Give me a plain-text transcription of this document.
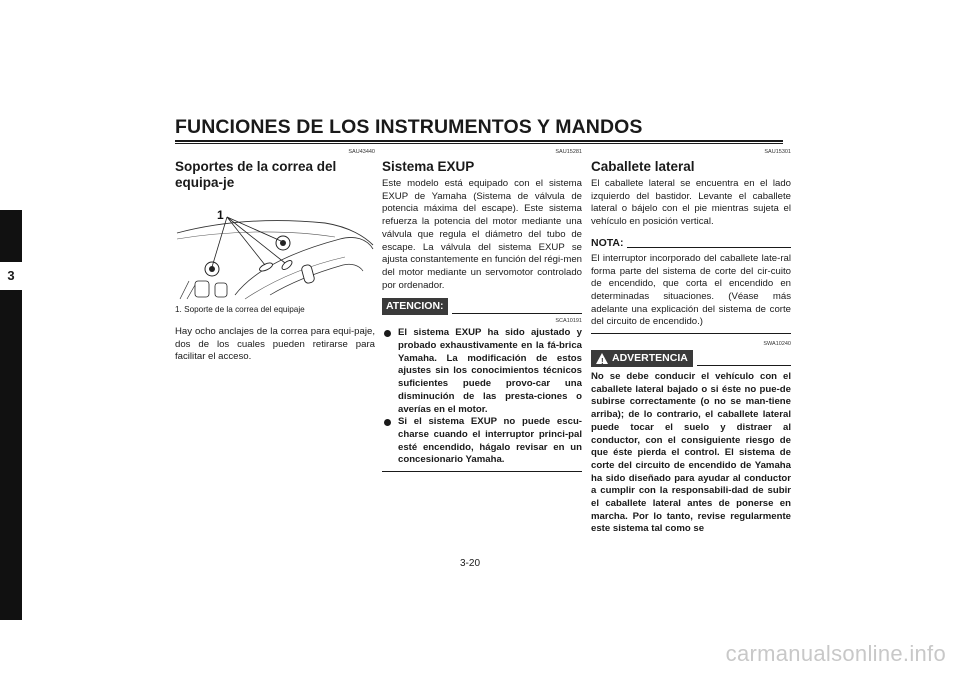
FUNCIONES DE LOS INSTRUMENTOS Y MANDOS
3
SAU43440
Soportes de la correa del equipa-je
1
1. Soporte de la correa del equipaje

Hay ocho anclajes de la correa para equi-paje, dos de los cuales pueden retirarse para facilitar el acceso.

SAU15281
Sistema EXUP

Este modelo está equipado con el sistema EXUP de Yamaha (Sistema de válvula de potencia máxima del escape). Este sistema refuerza la potencia del motor mediante una válvula que regula el diámetro del tubo de escape. La válvula del sistema EXUP se ajusta constantemente en función del régi-men del motor mediante un servomotor controlado por ordenador.

ATENCION:
SCA10191
El sistema EXUP ha sido ajustado y probado exhaustivamente en la fá-brica Yamaha. La modificación de estos ajustes sin los conocimientos técnicos suficientes puede provo-car una disminución de las presta-ciones o averías en el motor.
Si el sistema EXUP no puede escu-charse cuando el interruptor princi-pal esté encendido, hágalo revisar en un concesionario Yamaha.
SAU15301
Caballete lateral

El caballete lateral se encuentra en el lado izquierdo del bastidor. Levante el caballete lateral o bájelo con el pie mientras sujeta el vehículo en posición vertical.

NOTA:

El interruptor incorporado del caballete late-ral forma parte del sistema de corte del cir-cuito de encendido, que corta el encendido en determinadas situaciones. (Véase más adelante una explicación del sistema de corte del circuito de encendido.)

SWA10240
! ADVERTENCIA

No se debe conducir el vehículo con el caballete lateral bajado o si éste no pue-de subirse correctamente (o no se man-tiene arriba); de lo contrario, el caballete lateral puede tocar el suelo y distraer al conductor, con el consiguiente riesgo de que éste pierda el control. El sistema de corte del circuito de encendido de Yamaha ha sido diseñado para ayudar al conductor a cumplir con la responsabili-dad de subir el caballete lateral antes de ponerse en marcha. Por lo tanto, revise regularmente este sistema tal como se

3-20
carmanualsonline.info
